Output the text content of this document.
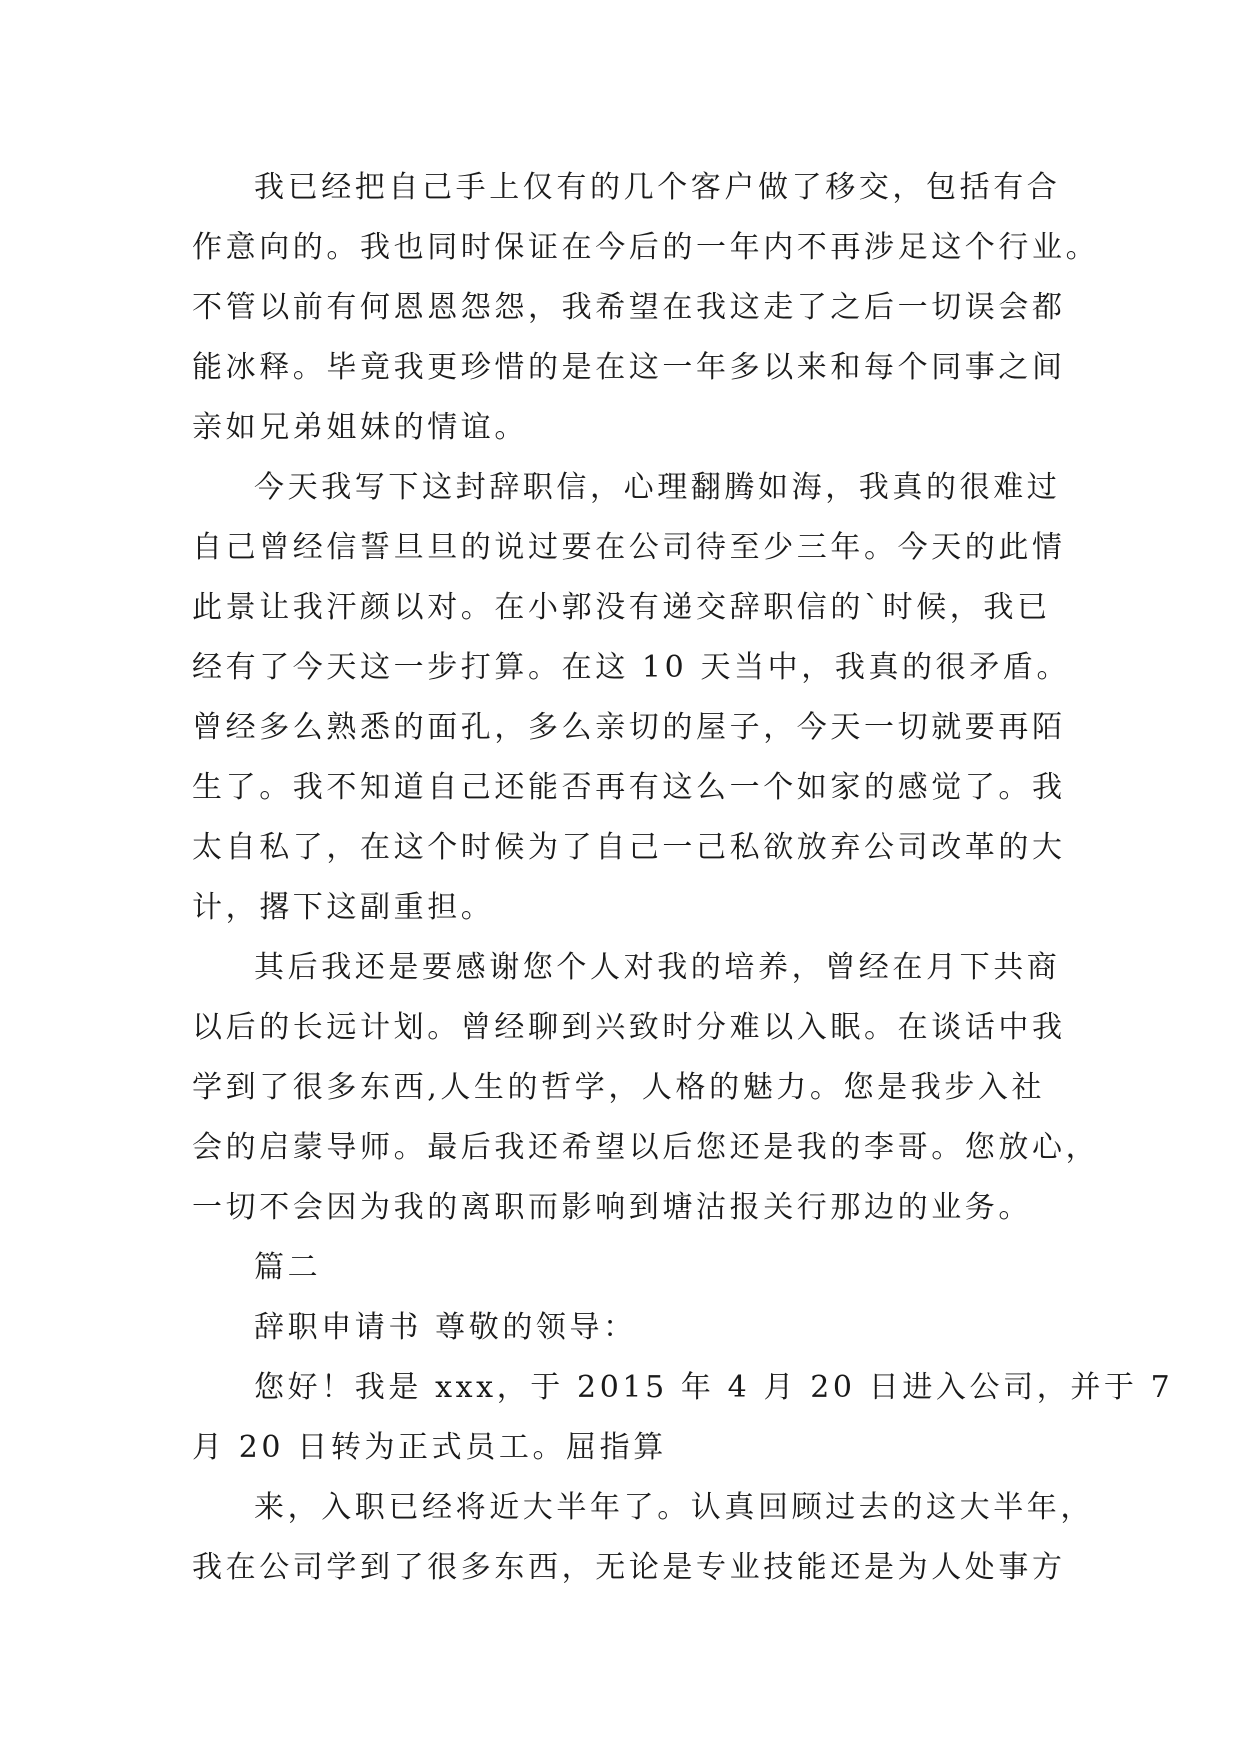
我已经把自己手上仅有的几个客户做了移交，包括有合
作意向的。我也同时保证在今后的一年内不再涉足这个行业。
不管以前有何恩恩怨怨，我希望在我这走了之后一切误会都
能冰释。毕竟我更珍惜的是在这一年多以来和每个同事之间
亲如兄弟姐妹的情谊。
今天我写下这封辞职信，心理翻腾如海，我真的很难过
自己曾经信誓旦旦的说过要在公司待至少三年。今天的此情
此景让我汗颜以对。在小郭没有递交辞职信的`时候，我已
经有了今天这一步打算。在这 10 天当中，我真的很矛盾。
曾经多么熟悉的面孔，多么亲切的屋子，今天一切就要再陌
生了。我不知道自己还能否再有这么一个如家的感觉了。我
太自私了，在这个时候为了自己一己私欲放弃公司改革的大
计，撂下这副重担。
其后我还是要感谢您个人对我的培养，曾经在月下共商
以后的长远计划。曾经聊到兴致时分难以入眠。在谈话中我
学到了很多东西,人生的哲学，人格的魅力。您是我步入社
会的启蒙导师。最后我还希望以后您还是我的李哥。您放心，
一切不会因为我的离职而影响到塘沽报关行那边的业务。
篇二
辞职申请书 尊敬的领导：
您好！我是 xxx，于 2015 年 4 月 20 日进入公司，并于 7
月 20 日转为正式员工。屈指算
来，入职已经将近大半年了。认真回顾过去的这大半年，
我在公司学到了很多东西，无论是专业技能还是为人处事方
